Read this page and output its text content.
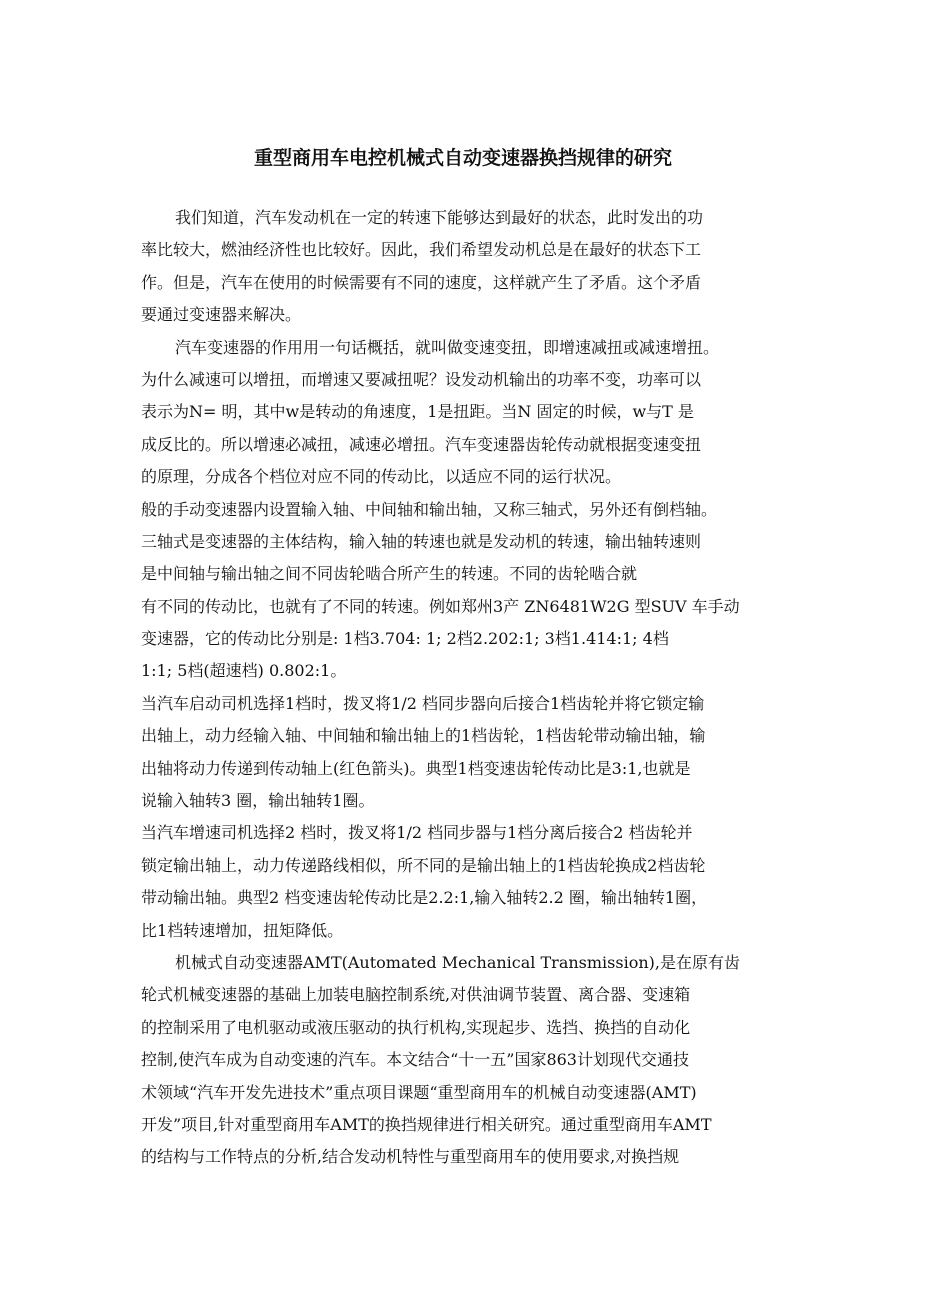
重型商用车电控机械式自动变速器换挡规律的研究
我们知道，汽车发动机在一定的转速下能够达到最好的状态，此时发出的功
率比较大，燃油经济性也比较好。因此，我们希望发动机总是在最好的状态下工
作。但是，汽车在使用的时候需要有不同的速度，这样就产生了矛盾。这个矛盾
要通过变速器来解决。
汽车变速器的作用用一句话概括，就叫做变速变扭，即增速减扭或减速增扭。
为什么减速可以增扭，而增速又要减扭呢？设发动机输出的功率不变，功率可以
表示为N= 明，其中w是转动的角速度，1是扭距。当N 固定的时候，w与T 是
成反比的。所以增速必减扭，减速必增扭。汽车变速器齿轮传动就根据变速变扭
的原理，分成各个档位对应不同的传动比，以适应不同的运行状况。
般的手动变速器内设置输入轴、中间轴和输出轴，又称三轴式，另外还有倒档轴。
三轴式是变速器的主体结构，输入轴的转速也就是发动机的转速，输出轴转速则
是中间轴与输出轴之间不同齿轮啮合所产生的转速。不同的齿轮啮合就
有不同的传动比，也就有了不同的转速。例如郑州3产 ZN6481W2G 型SUV 车手动
变速器，它的传动比分别是: 1档3.704: 1; 2档2.202:1; 3档1.414:1; 4档
1:1; 5档(超速档) 0.802:1。
当汽车启动司机选择1档时，拨叉将1/2 档同步器向后接合1档齿轮并将它锁定输
出轴上，动力经输入轴、中间轴和输出轴上的1档齿轮，1档齿轮带动输出轴，输
出轴将动力传递到传动轴上(红色箭头)。典型1档变速齿轮传动比是3:1,也就是
说输入轴转3 圈，输出轴转1圈。
当汽车增速司机选择2 档时，拨叉将1/2 档同步器与1档分离后接合2 档齿轮并
锁定输出轴上，动力传递路线相似，所不同的是输出轴上的1档齿轮换成2档齿轮
带动输出轴。典型2 档变速齿轮传动比是2.2:1,输入轴转2.2 圈，输出轴转1圈，
比1档转速增加，扭矩降低。
机械式自动变速器AMT(Automated Mechanical Transmission),是在原有齿
轮式机械变速器的基础上加装电脑控制系统,对供油调节装置、离合器、变速箱
的控制采用了电机驱动或液压驱动的执行机构,实现起步、选挡、换挡的自动化
控制,使汽车成为自动变速的汽车。本文结合“十一五”国家863计划现代交通技
术领域“汽车开发先进技术”重点项目课题“重型商用车的机械自动变速器(AMT)
开发”项目,针对重型商用车AMT的换挡规律进行相关研究。通过重型商用车AMT
的结构与工作特点的分析,结合发动机特性与重型商用车的使用要求,对换挡规
